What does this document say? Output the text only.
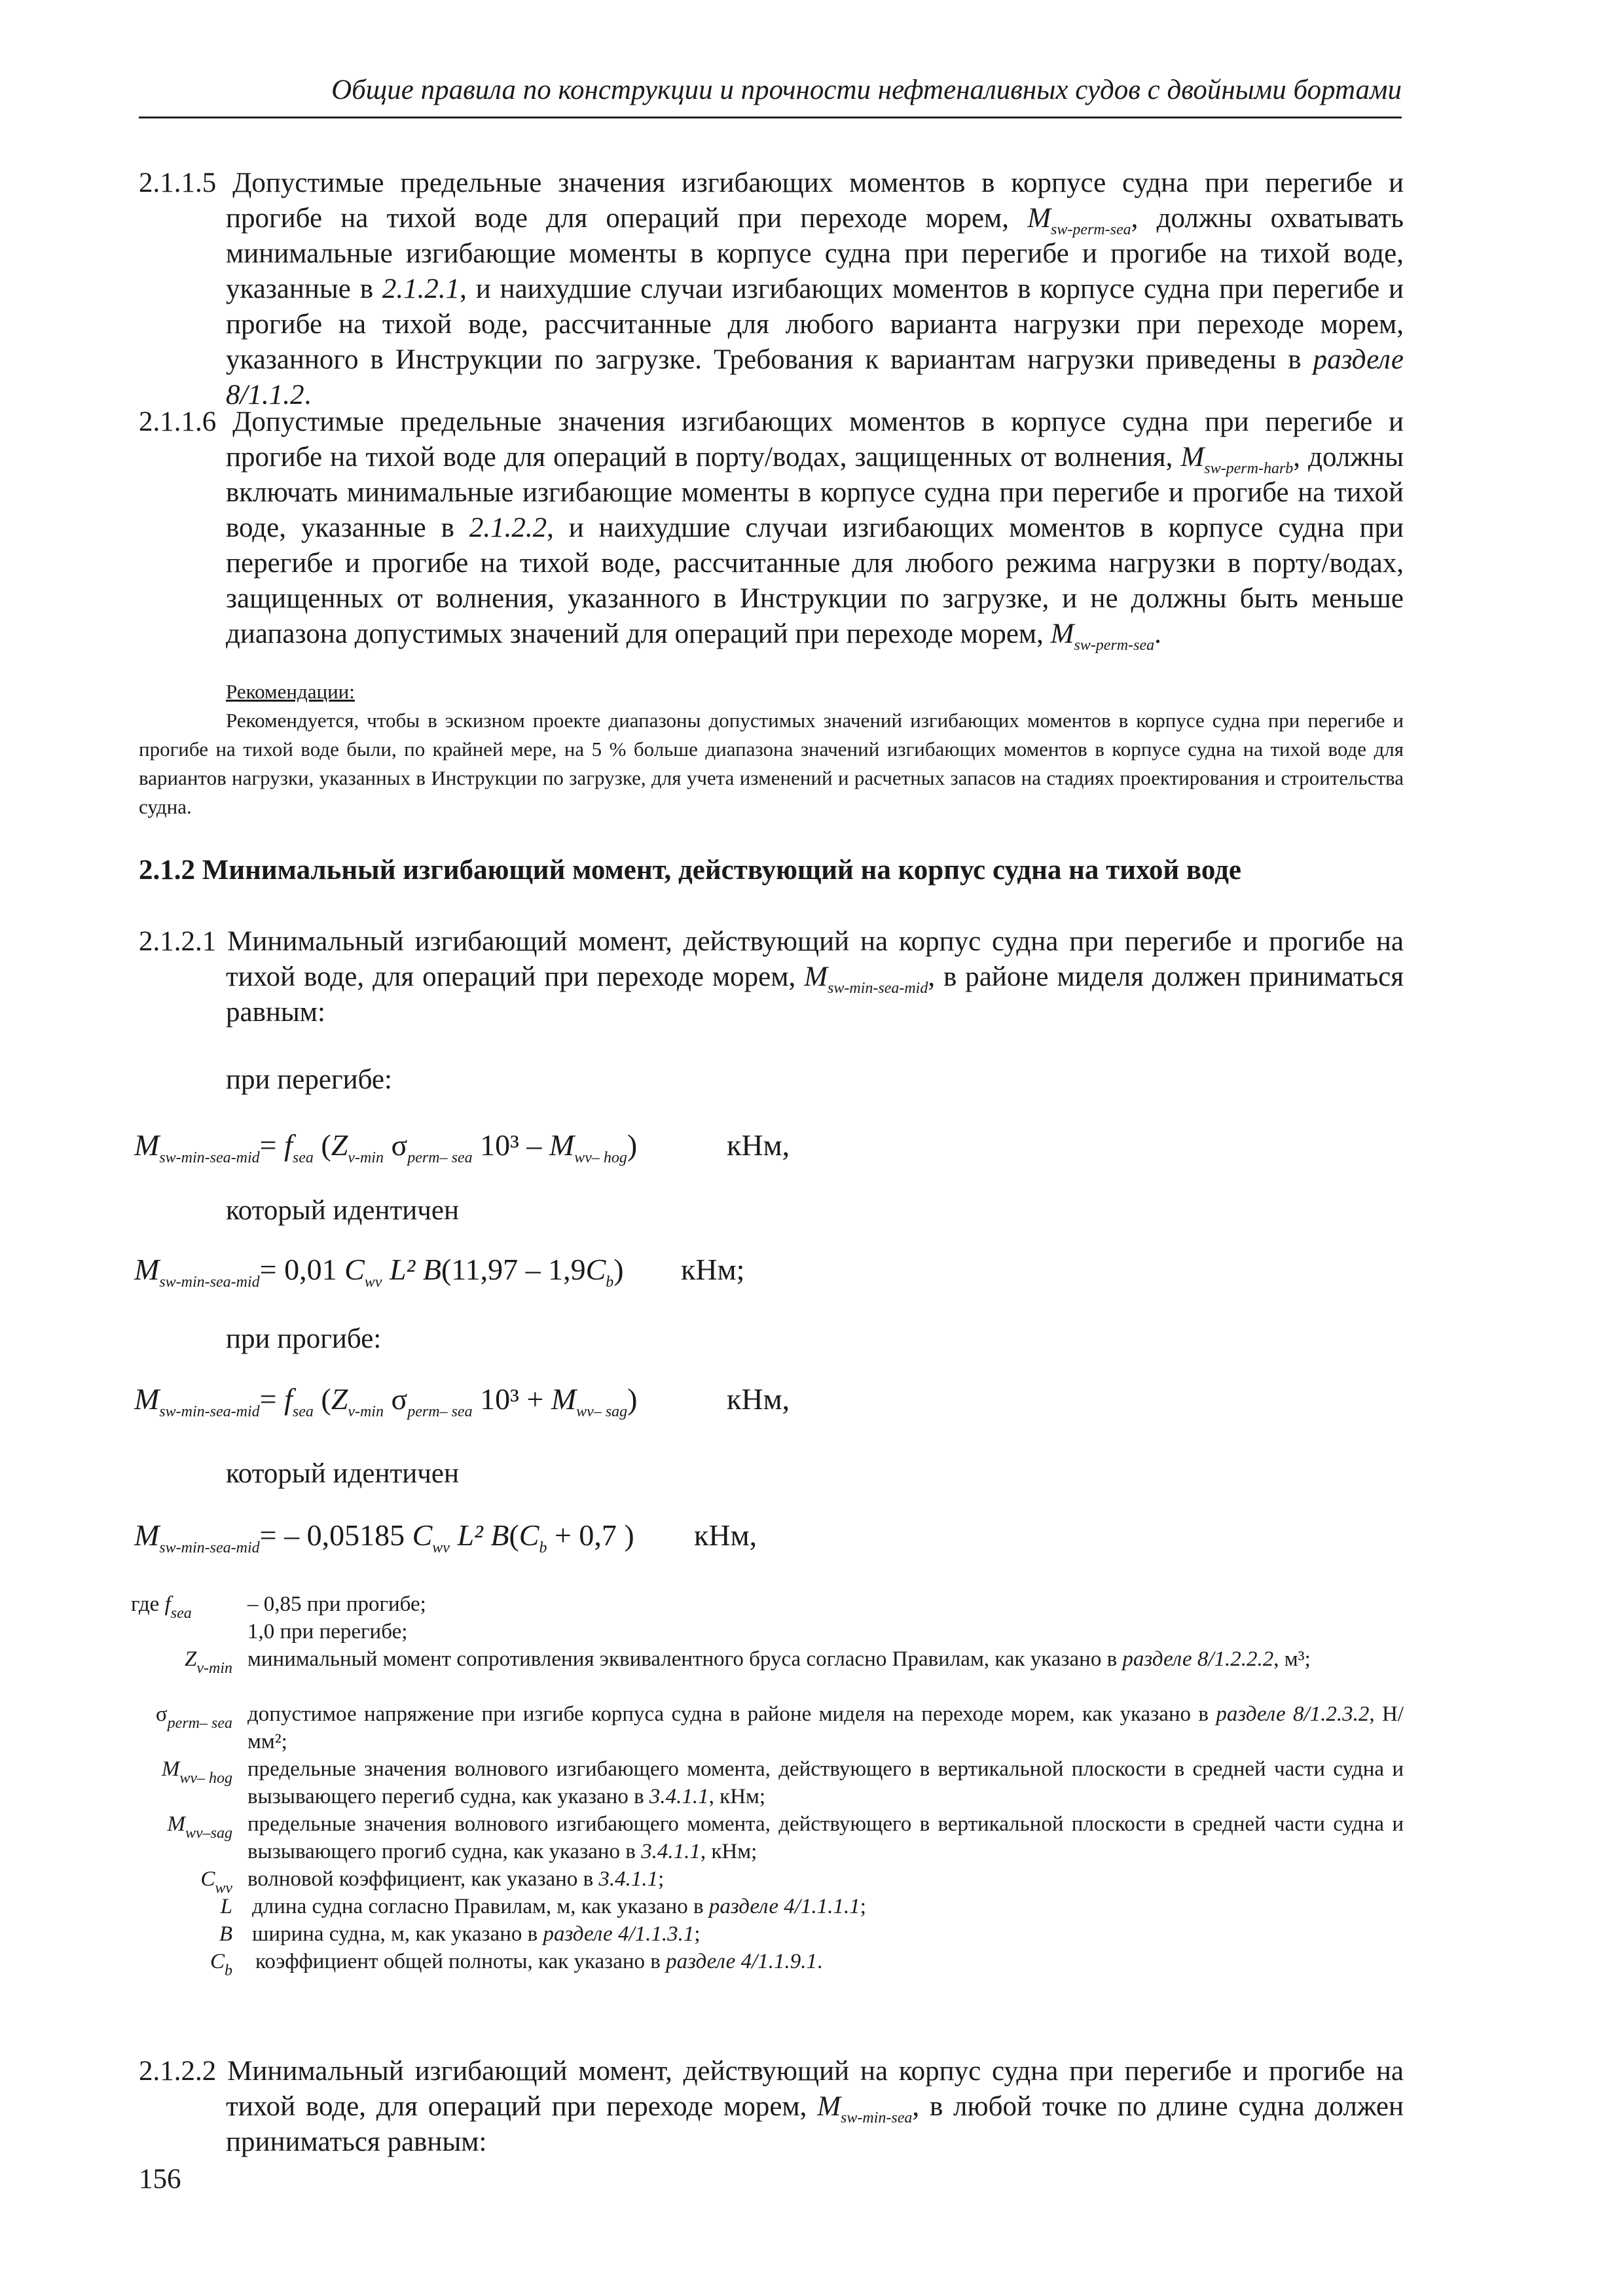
Общие правила по конструкции и прочности нефтеналивных судов с двойными бортами
2.1.1.5 Допустимые предельные значения изгибающих моментов в корпусе судна при перегибе и прогибе на тихой воде для операций при переходе морем, $M_{sw-perm-sea}$, должны охватывать минимальные изгибающие моменты в корпусе судна при перегибе и прогибе на тихой воде, указанные в 2.1.2.1, и наихудшие случаи изгибающих моментов в корпусе судна при перегибе и прогибе на тихой воде, рассчитанные для любого варианта нагрузки при переходе морем, указанного в Инструкции по загрузке. Требования к вариантам нагрузки приведены в разделе 8/1.1.2.
2.1.1.6 Допустимые предельные значения изгибающих моментов в корпусе судна при перегибе и прогибе на тихой воде для операций в порту/водах, защищенных от волнения, $M_{sw-perm-harb}$, должны включать минимальные изгибающие моменты в корпусе судна при перегибе и прогибе на тихой воде, указанные в 2.1.2.2, и наихудшие случаи изгибающих моментов в корпусе судна при перегибе и прогибе на тихой воде, рассчитанные для любого режима нагрузки в порту/водах, защищенных от волнения, указанного в Инструкции по загрузке, и не должны быть меньше диапазона допустимых значений для операций при переходе морем, $M_{sw-perm-sea}$.
Рекомендации:
Рекомендуется, чтобы в эскизном проекте диапазоны допустимых значений изгибающих моментов в корпусе судна при перегибе и прогибе на тихой воде были, по крайней мере, на 5 % больше диапазона значений изгибающих моментов в корпусе судна на тихой воде для вариантов нагрузки, указанных в Инструкции по загрузке, для учета изменений и расчетных запасов на стадиях проектирования и строительства судна.
2.1.2 Минимальный изгибающий момент, действующий на корпус судна на тихой воде
2.1.2.1 Минимальный изгибающий момент, действующий на корпус судна при перегибе и прогибе на тихой воде, для операций при переходе морем, $M_{sw-min-sea-mid}$, в районе миделя должен приниматься равным:
при перегибе:
$M_{sw-min-sea-mid}= f_{sea}$ ($Z_{v-min}$ $\sigma_{perm- sea}$ $10^3 - M_{wv- hog}$)	кНм,
который идентичен
$M_{sw-min-sea-mid}= 0,01$ $C_{wv}$ L² $B(11,97 - 1,9C_b)$ кНм;
при прогибе:
$M_{sw-min-sea-mid}= f_{sea}$ ($Z_{v-min}$ $\sigma_{perm- sea}$ $10^3 + M_{wv- sag}$)	кНм,
который идентичен
$M_{sw-min-sea-mid}= - 0,05185$ $C_{wv}$ L² $B(C_b + 0,7$ ) кНм,
где $f_{sea}$	– 0,85 при прогибе;
1,0 при перегибе;
$Z_{v-min}$ минимальный момент сопротивления эквивалентного бруса согласно Правилам, как указано в разделе 8/1.2.2.2, м³;
$\sigma_{perm- sea}$ допустимое напряжение при изгибе корпуса судна в районе миделя на переходе морем, как указано в разделе 8/1.2.3.2, Н/мм²;
$M_{wv- hog}$ предельные значения волнового изгибающего момента, действующего в вертикальной плоскости в средней части судна и вызывающего перегиб судна, как указано в 3.4.1.1, кНм;
$M_{wv-sag}$ предельные значения волнового изгибающего момента, действующего в вертикальной плоскости в средней части судна и вызывающего прогиб судна, как указано в 3.4.1.1, кНм;
$C_{wv}$ волновой коэффициент, как указано в 3.4.1.1;
L длина судна согласно Правилам, м, как указано в разделе 4/1.1.1.1;
B ширина судна, м, как указано в разделе 4/1.1.3.1;
$C_b$ коэффициент общей полноты, как указано в разделе 4/1.1.9.1.
2.1.2.2 Минимальный изгибающий момент, действующий на корпус судна при перегибе и прогибе на тихой воде, для операций при переходе морем, $M_{sw-min-sea}$, в любой точке по длине судна должен приниматься равным:
156
